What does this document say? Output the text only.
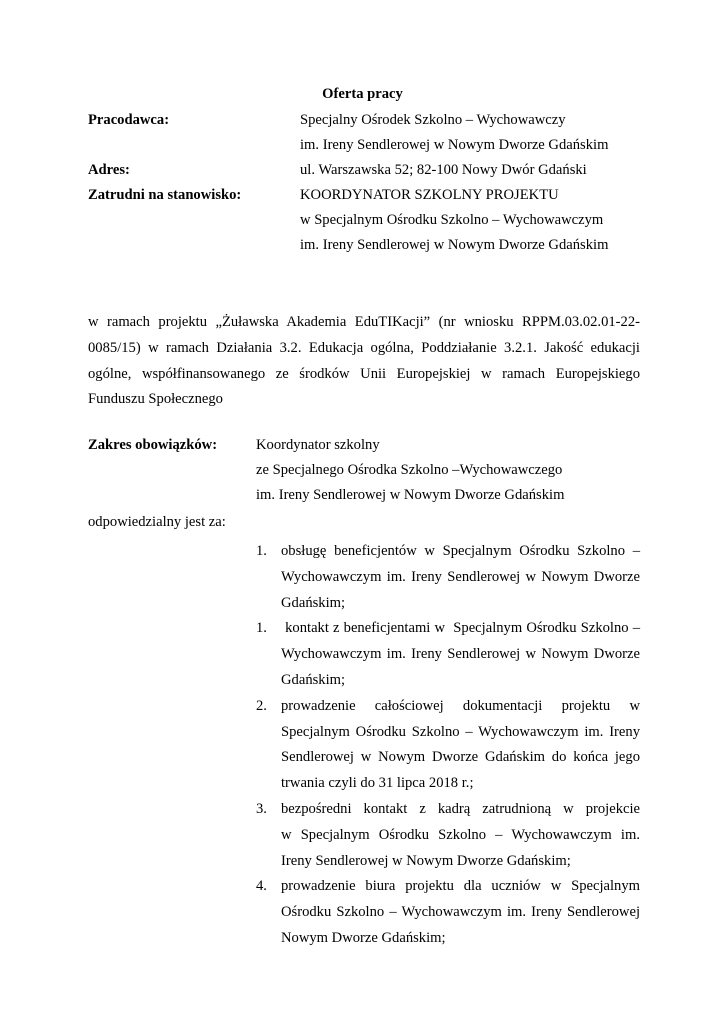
Oferta pracy
Pracodawca:	Specjalny Ośrodek Szkolno – Wychowawczy
im. Ireny Sendlerowej w Nowym Dworze Gdańskim
Adres:	ul. Warszawska 52; 82-100 Nowy Dwór Gdański
Zatrudni na stanowisko:	KOORDYNATOR SZKOLNY PROJEKTU
w Specjalnym Ośrodku Szkolno – Wychowawczym
im. Ireny Sendlerowej w Nowym Dworze Gdańskim
w ramach projektu „Żuławska Akademia EduTIKacji” (nr wniosku RPPM.03.02.01-22-
0085/15) w ramach Działania 3.2. Edukacja ogólna, Poddziałanie 3.2.1. Jakość edukacji
ogólne, współfinansowanego ze środków Unii Europejskiej w ramach Europejskiego
Funduszu Społecznego
Zakres obowiązków:	Koordynator szkolny
ze Specjalnego Ośrodka Szkolno –Wychowawczego
im. Ireny Sendlerowej w Nowym Dworze Gdańskim
odpowiedzialny jest za:
1. obsługę beneficjentów w Specjalnym Ośrodku Szkolno –
Wychowawczym im. Ireny Sendlerowej w Nowym Dworze
Gdańskim;
1. kontakt z beneficjentami w  Specjalnym Ośrodku Szkolno –
Wychowawczym im. Ireny Sendlerowej w Nowym Dworze
Gdańskim;
2. prowadzenie całościowej dokumentacji projektu w
Specjalnym Ośrodku Szkolno – Wychowawczym im. Ireny
Sendlerowej w Nowym Dworze Gdańskim do końca jego
trwania czyli do 31 lipca 2018 r.;
3. bezpośredni kontakt z kadrą zatrudnioną w projekcie
w Specjalnym Ośrodku Szkolno – Wychowawczym im.
Ireny Sendlerowej w Nowym Dworze Gdańskim;
4. prowadzenie biura projektu dla uczniów w Specjalnym
Ośrodku Szkolno – Wychowawczym im. Ireny Sendlerowej
Nowym Dworze Gdańskim;
